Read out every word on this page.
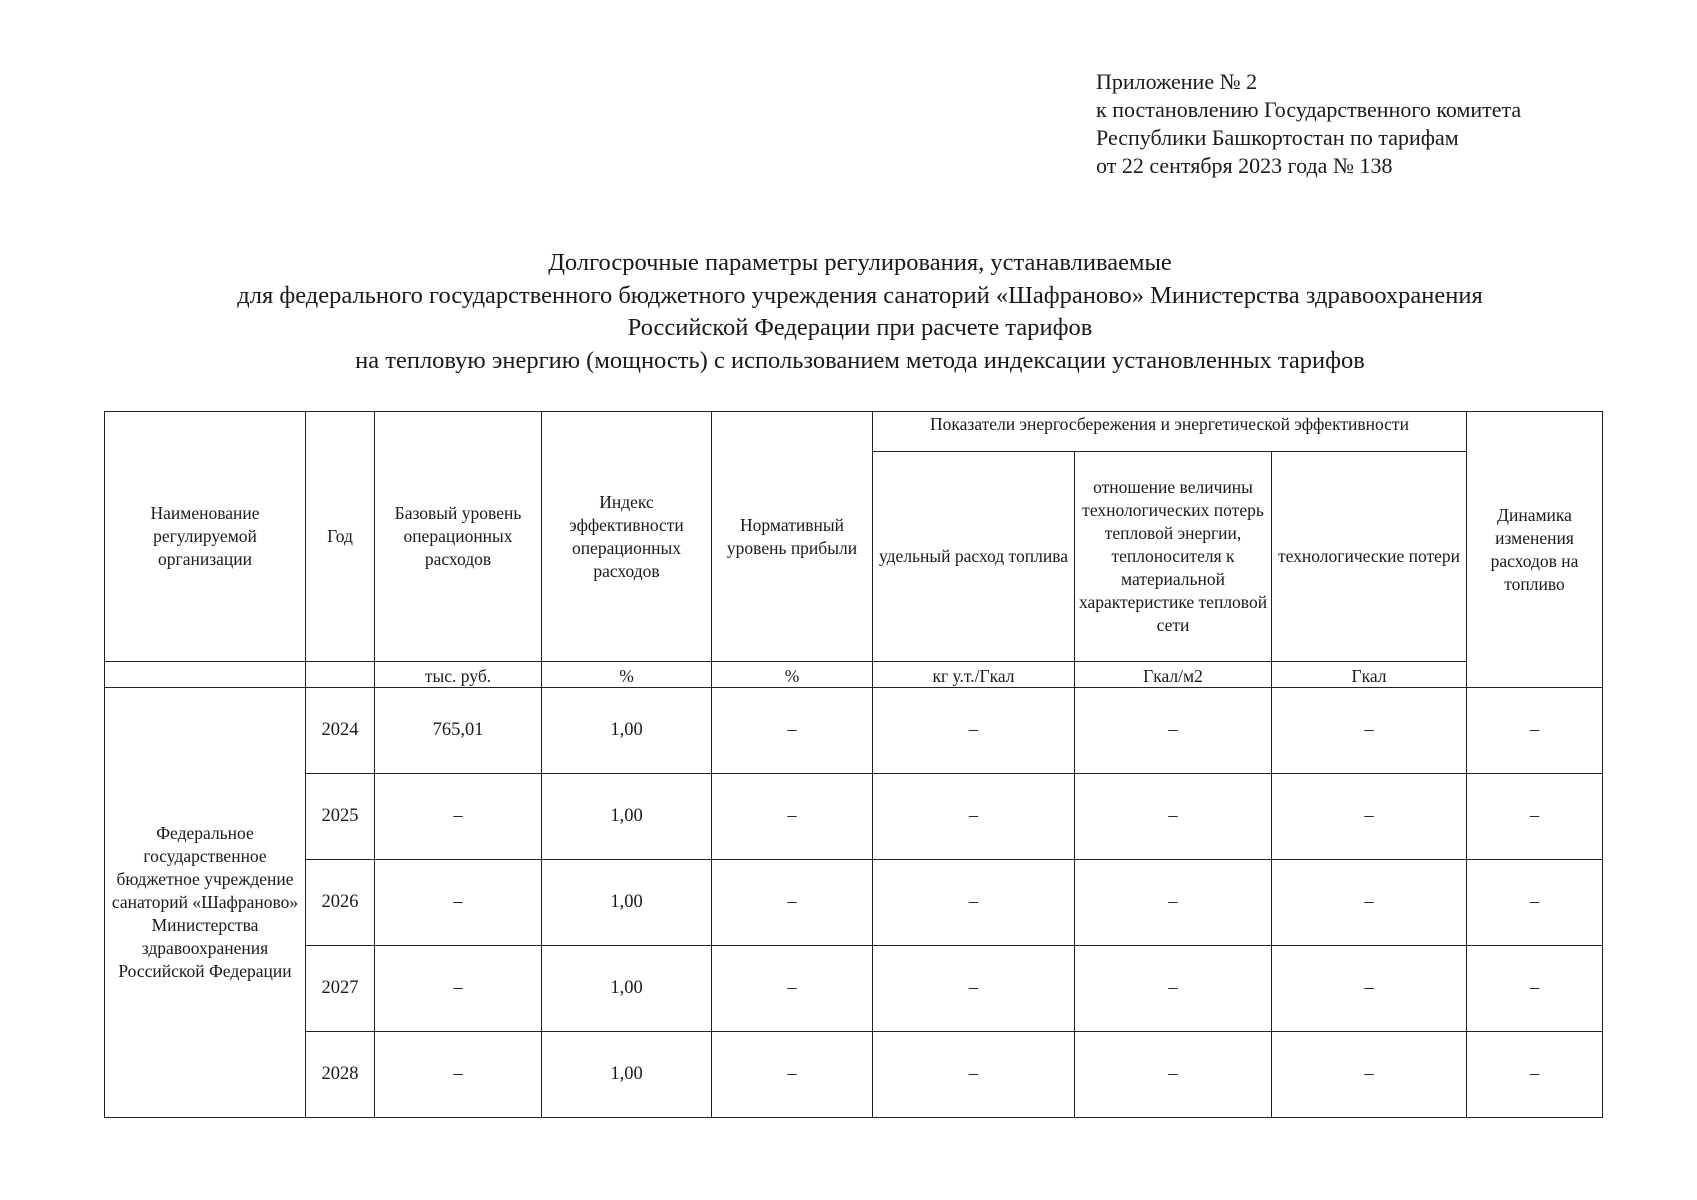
Приложение № 2
к постановлению Государственного комитета
Республики Башкортостан по тарифам
от 22 сентября 2023 года № 138
Долгосрочные параметры регулирования, устанавливаемые
для федерального государственного бюджетного учреждения санаторий «Шафраново» Министерства здравоохранения
Российской Федерации при расчете тарифов
на тепловую энергию (мощность) с использованием метода индексации установленных тарифов
Наименование регулируемой организации	Год	Базовый уровень операционных расходов	Индекс эффективности операционных расходов	Нормативный уровень прибыли	Показатели энергосбережения и энергетической эффективности			Динамика изменения расходов на топливо
					удельный расход топлива	отношение величины технологических потерь тепловой энергии, теплоносителя к материальной характеристике тепловой сети	технологические потери	
		тыс. руб.	%	%	кг у.т./Гкал	Гкал/м2	Гкал	
Федеральное государственное бюджетное учреждение санаторий «Шафраново» Министерства здравоохранения Российской Федерации	2024	765,01	1,00	–	–	–	–	–
	2025	–	1,00	–	–	–	–	–
	2026	–	1,00	–	–	–	–	–
	2027	–	1,00	–	–	–	–	–
	2028	–	1,00	–	–	–	–	–
